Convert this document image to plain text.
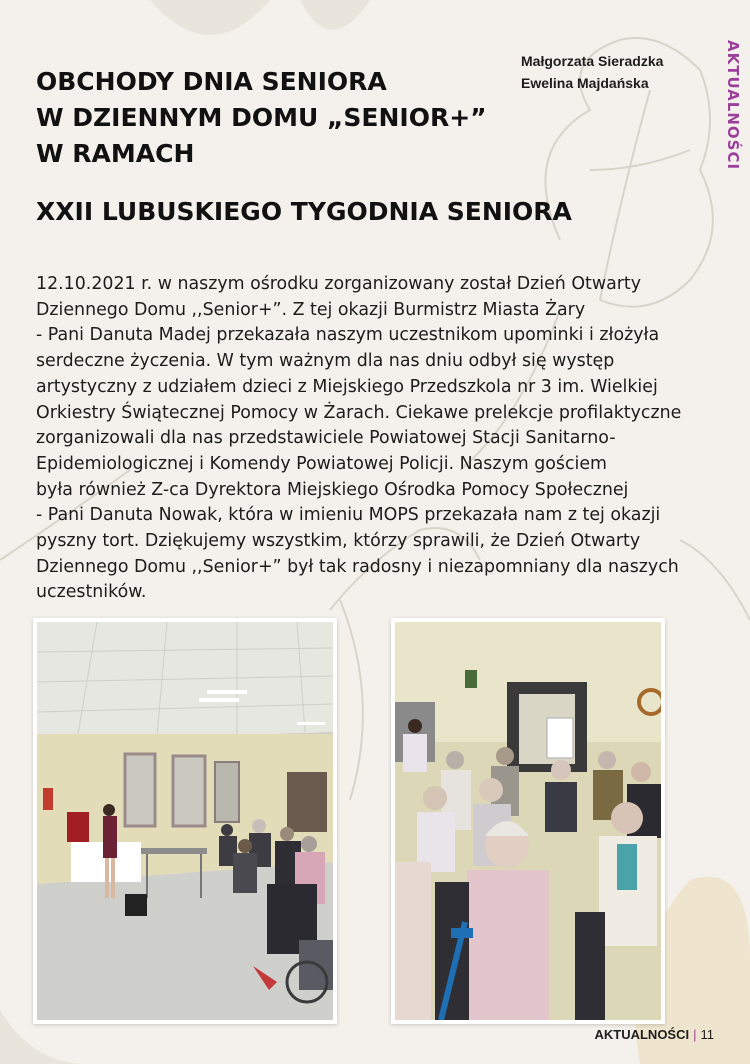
AKTUALNOŚCI
Małgorzata Sieradzka
Ewelina Majdańska
OBCHODY DNIA SENIORA
W DZIENNYM DOMU „SENIOR+”
W RAMACH
XXII LUBUSKIEGO TYGODNIA SENIORA
12.10.2021 r. w naszym ośrodku zorganizowany został Dzień Otwarty
Dziennego Domu ,,Senior+”. Z tej okazji Burmistrz Miasta Żary
- Pani Danuta Madej przekazała naszym uczestnikom upominki i złożyła
serdeczne życzenia. W tym ważnym dla nas dniu odbył się występ
artystyczny z udziałem dzieci z Miejskiego Przedszkola nr 3 im. Wielkiej
Orkiestry Świątecznej Pomocy w Żarach. Ciekawe prelekcje profilaktyczne
zorganizowali dla nas przedstawiciele Powiatowej Stacji Sanitarno-
Epidemiologicznej i Komendy Powiatowej Policji. Naszym gościem
była również Z-ca Dyrektora Miejskiego Ośrodka Pomocy Społecznej
- Pani Danuta Nowak, która w imieniu MOPS przekazała nam z tej okazji
pyszny tort. Dziękujemy wszystkim, którzy sprawili, że Dzień Otwarty
Dziennego Domu ,,Senior+” był tak radosny i niezapomniany dla naszych
uczestników.
AKTUALNOŚCI | 11
